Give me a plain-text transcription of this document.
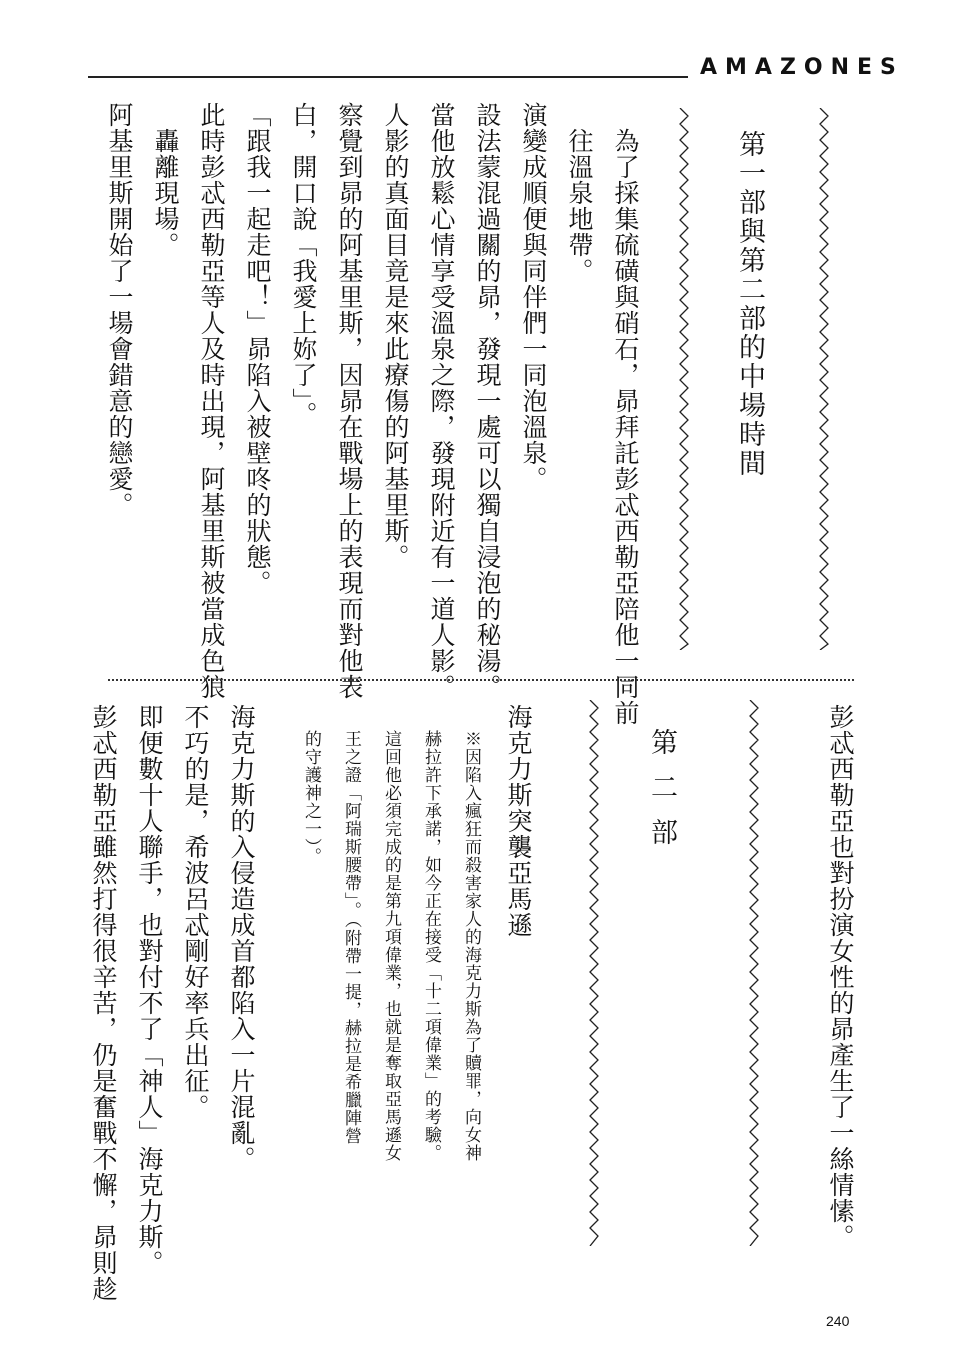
AMAZONES
第一部與第二部的中場時間
為了採集硫磺與硝石，昴拜託彭忒西勒亞陪他一同前
往溫泉地帶。
演變成順便與同伴們一同泡溫泉。
設法蒙混過關的昴，發現一處可以獨自浸泡的秘湯。
當他放鬆心情享受溫泉之際，發現附近有一道人影。
人影的真面目竟是來此療傷的阿基里斯。
察覺到昴的阿基里斯，因昴在戰場上的表現而對他表
白，開口說「我愛上妳了」。
「跟我一起走吧！」昴陷入被壁咚的狀態。
此時彭忒西勒亞等人及時出現，阿基里斯被當成色狼
轟離現場。
阿基里斯開始了一場會錯意的戀愛。
彭忒西勒亞也對扮演女性的昴產生了一絲情愫。
第二部
海克力斯突襲亞馬遜
※因陷入瘋狂而殺害家人的海克力斯為了贖罪，向女神
赫拉許下承諾，如今正在接受「十二項偉業」的考驗。
這回他必須完成的是第九項偉業，也就是奪取亞馬遜女
王之證「阿瑞斯腰帶」。（附帶一提，赫拉是希臘陣營
的守護神之一）。
海克力斯的入侵造成首都陷入一片混亂。
不巧的是，希波呂忒剛好率兵出征。
即便數十人聯手，也對付不了「神人」海克力斯。
彭忒西勒亞雖然打得很辛苦，仍是奮戰不懈，昴則趁
240
